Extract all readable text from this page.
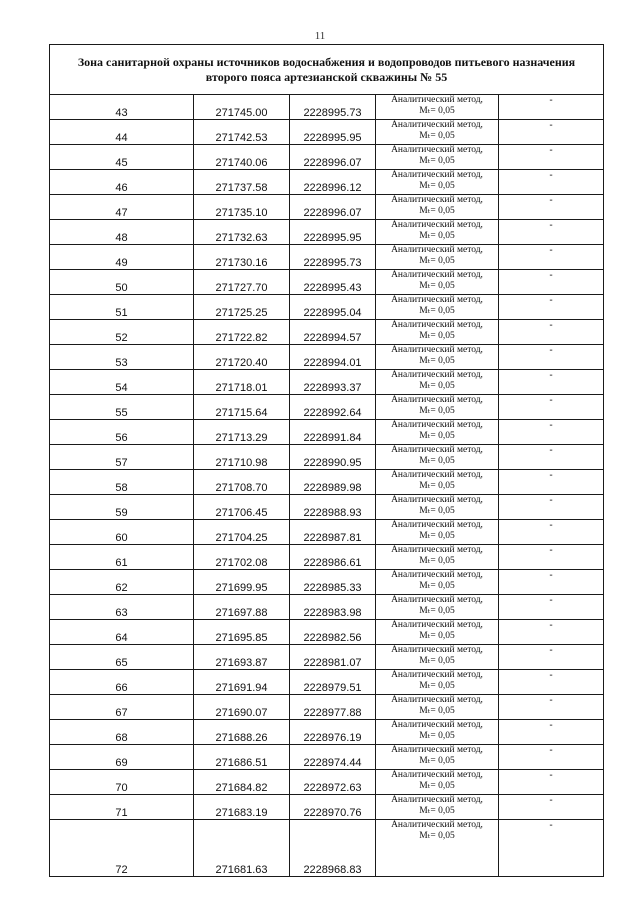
11
Зона санитарной охраны источников водоснабжения и водопроводов питьевого назначения
второго пояса артезианской скважины № 55				

43	271745.00	2228995.73	Аналитический метод,
Mₜ= 0,05	-
44	271742.53	2228995.95	Аналитический метод,
Mₜ= 0,05	-
45	271740.06	2228996.07	Аналитический метод,
Mₜ= 0,05	-
46	271737.58	2228996.12	Аналитический метод,
Mₜ= 0,05	-
47	271735.10	2228996.07	Аналитический метод,
Mₜ= 0,05	-
48	271732.63	2228995.95	Аналитический метод,
Mₜ= 0,05	-
49	271730.16	2228995.73	Аналитический метод,
Mₜ= 0,05	-
50	271727.70	2228995.43	Аналитический метод,
Mₜ= 0,05	-
51	271725.25	2228995.04	Аналитический метод,
Mₜ= 0,05	-
52	271722.82	2228994.57	Аналитический метод,
Mₜ= 0,05	-
53	271720.40	2228994.01	Аналитический метод,
Mₜ= 0,05	-
54	271718.01	2228993.37	Аналитический метод,
Mₜ= 0,05	-
55	271715.64	2228992.64	Аналитический метод,
Mₜ= 0,05	-
56	271713.29	2228991.84	Аналитический метод,
Mₜ= 0,05	-
57	271710.98	2228990.95	Аналитический метод,
Mₜ= 0,05	-
58	271708.70	2228989.98	Аналитический метод,
Mₜ= 0,05	-
59	271706.45	2228988.93	Аналитический метод,
Mₜ= 0,05	-
60	271704.25	2228987.81	Аналитический метод,
Mₜ= 0,05	-
61	271702.08	2228986.61	Аналитический метод,
Mₜ= 0,05	-
62	271699.95	2228985.33	Аналитический метод,
Mₜ= 0,05	-
63	271697.88	2228983.98	Аналитический метод,
Mₜ= 0,05	-
64	271695.85	2228982.56	Аналитический метод,
Mₜ= 0,05	-
65	271693.87	2228981.07	Аналитический метод,
Mₜ= 0,05	-
66	271691.94	2228979.51	Аналитический метод,
Mₜ= 0,05	-
67	271690.07	2228977.88	Аналитический метод,
Mₜ= 0,05	-
68	271688.26	2228976.19	Аналитический метод,
Mₜ= 0,05	-
69	271686.51	2228974.44	Аналитический метод,
Mₜ= 0,05	-
70	271684.82	2228972.63	Аналитический метод,
Mₜ= 0,05	-
71	271683.19	2228970.76	Аналитический метод,
Mₜ= 0,05	-
72	271681.63	2228968.83	Аналитический метод,
Mₜ= 0,05	-
